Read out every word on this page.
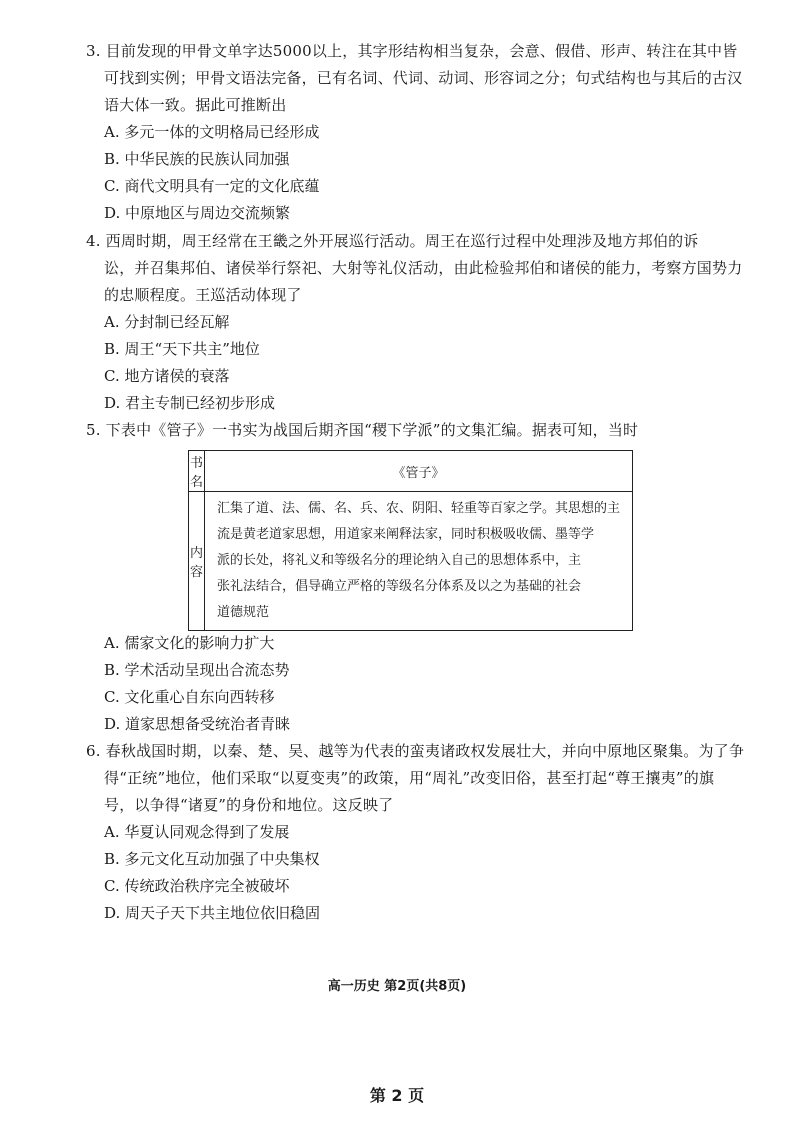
3. 目前发现的甲骨文单字达5000以上，其字形结构相当复杂，会意、假借、形声、转注在其中皆
可找到实例；甲骨文语法完备，已有名词、代词、动词、形容词之分；句式结构也与其后的古汉
语大体一致。据此可推断出
A. 多元一体的文明格局已经形成
B. 中华民族的民族认同加强
C. 商代文明具有一定的文化底蕴
D. 中原地区与周边交流频繁
4. 西周时期，周王经常在王畿之外开展巡行活动。周王在巡行过程中处理涉及地方邦伯的诉
讼，并召集邦伯、诸侯举行祭祀、大射等礼仪活动，由此检验邦伯和诸侯的能力，考察方国势力
的忠顺程度。王巡活动体现了
A. 分封制已经瓦解
B. 周王“天下共主”地位
C. 地方诸侯的衰落
D. 君主专制已经初步形成
5. 下表中《管子》一书实为战国后期齐国“稷下学派”的文集汇编。据表可知，当时
书名	《管子》
内容	汇集了道、法、儒、名、兵、农、阴阳、轻重等百家之学。其思想的主
流是黄老道家思想，用道家来阐释法家，同时积极吸收儒、墨等学
派的长处，将礼义和等级名分的理论纳入自己的思想体系中，主
张礼法结合，倡导确立严格的等级名分体系及以之为基础的社会
道德规范
A. 儒家文化的影响力扩大
B. 学术活动呈现出合流态势
C. 文化重心自东向西转移
D. 道家思想备受统治者青睐
6. 春秋战国时期，以秦、楚、吴、越等为代表的蛮夷诸政权发展壮大，并向中原地区聚集。为了争
得“正统”地位，他们采取“以夏变夷”的政策，用“周礼”改变旧俗，甚至打起“尊王攘夷”的旗
号，以争得“诸夏”的身份和地位。这反映了
A. 华夏认同观念得到了发展
B. 多元文化互动加强了中央集权
C. 传统政治秩序完全被破坏
D. 周天子天下共主地位依旧稳固
高一历史 第2页(共8页)
第 2 页
